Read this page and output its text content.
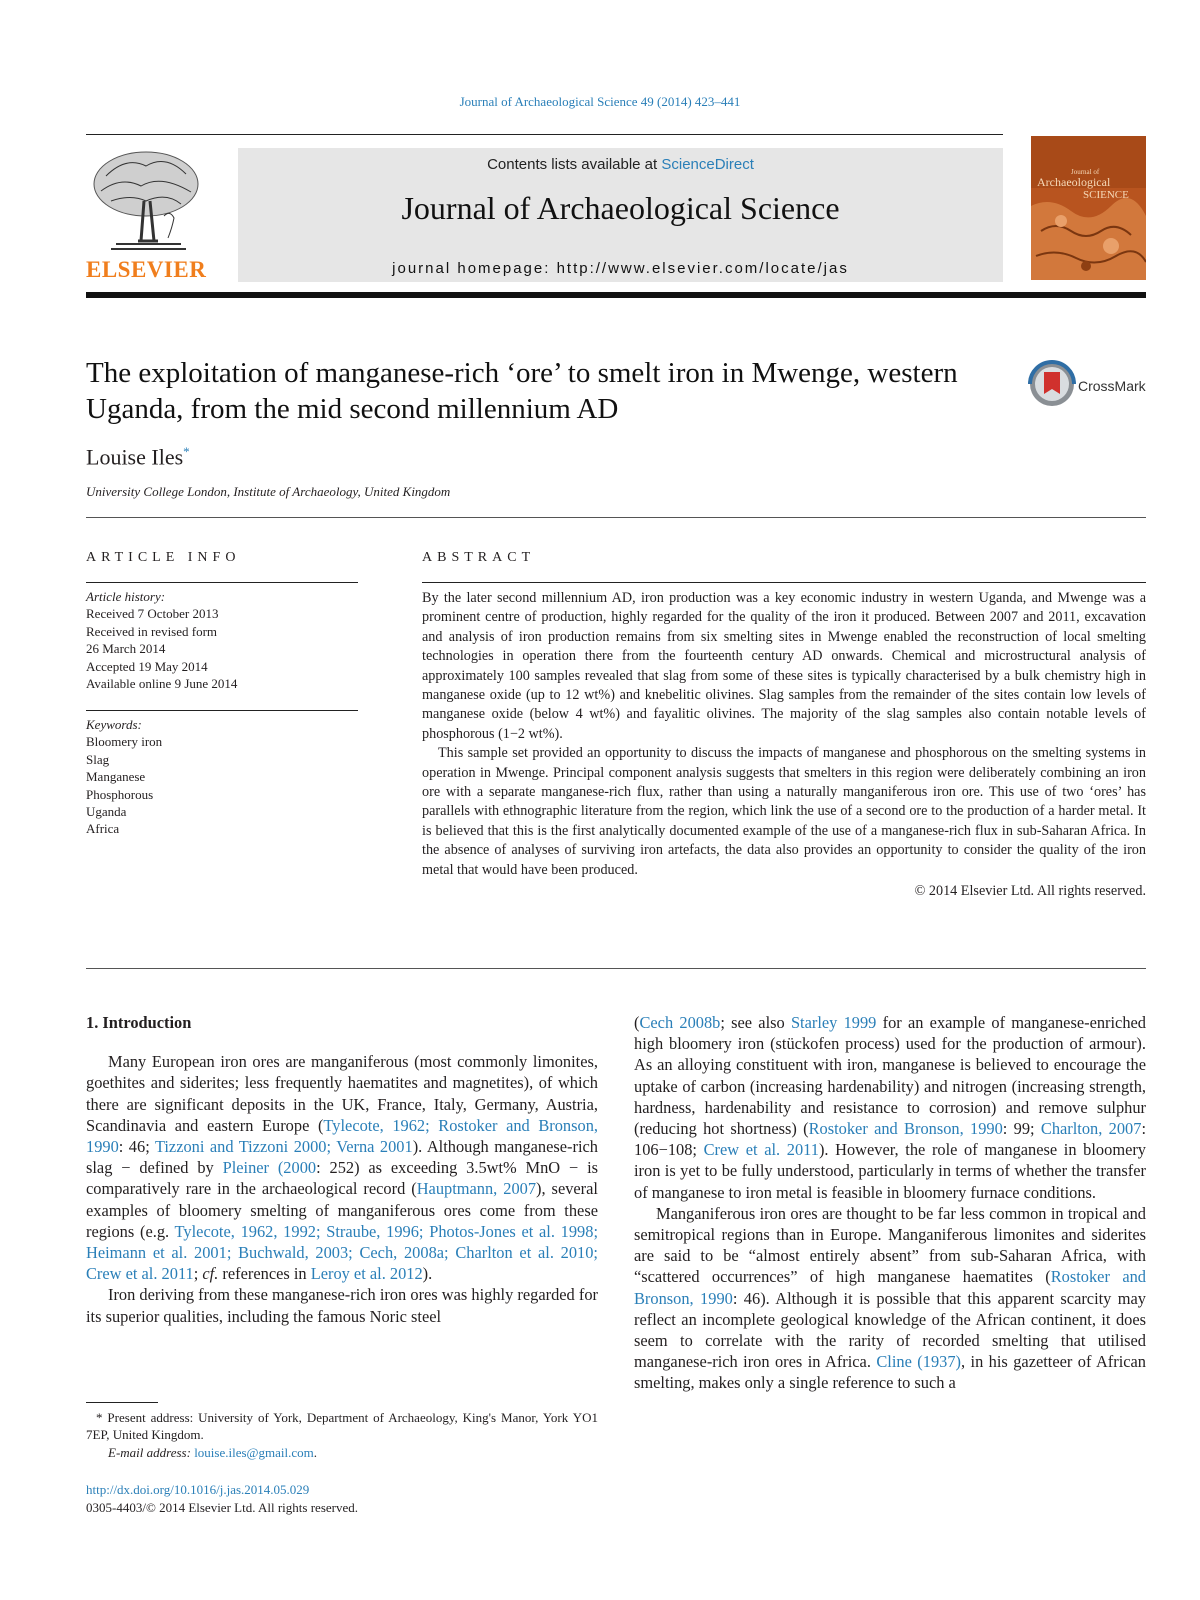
Journal of Archaeological Science 49 (2014) 423–441
ELSEVIER
Contents lists available at ScienceDirect
Journal of Archaeological Science
journal homepage: http://www.elsevier.com/locate/jas
Journal of
Archaeological
SCIENCE
The exploitation of manganese-rich ‘ore’ to smelt iron in Mwenge, western Uganda, from the mid second millennium AD
CrossMark
Louise Iles*
University College London, Institute of Archaeology, United Kingdom
ARTICLE INFO
Article history:
Received 7 October 2013
Received in revised form
26 March 2014
Accepted 19 May 2014
Available online 9 June 2014
Keywords:
Bloomery iron
Slag
Manganese
Phosphorous
Uganda
Africa
ABSTRACT

By the later second millennium AD, iron production was a key economic industry in western Uganda, and Mwenge was a prominent centre of production, highly regarded for the quality of the iron it produced. Between 2007 and 2011, excavation and analysis of iron production remains from six smelting sites in Mwenge enabled the reconstruction of local smelting technologies in operation there from the fourteenth century AD onwards. Chemical and microstructural analysis of approximately 100 samples revealed that slag from some of these sites is typically characterised by a bulk chemistry high in manganese oxide (up to 12 wt%) and knebelitic olivines. Slag samples from the remainder of the sites contain low levels of manganese oxide (below 4 wt%) and fayalitic olivines. The majority of the slag samples also contain notable levels of phosphorous (1−2 wt%).

This sample set provided an opportunity to discuss the impacts of manganese and phosphorous on the smelting systems in operation in Mwenge. Principal component analysis suggests that smelters in this region were deliberately combining an iron ore with a separate manganese-rich flux, rather than using a naturally manganiferous iron ore. This use of two ‘ores’ has parallels with ethnographic literature from the region, which link the use of a second ore to the production of a harder metal. It is believed that this is the first analytically documented example of the use of a manganese-rich flux in sub-Saharan Africa. In the absence of analyses of surviving iron artefacts, the data also provides an opportunity to consider the quality of the iron metal that would have been produced.

© 2014 Elsevier Ltd. All rights reserved.
1. Introduction

Many European iron ores are manganiferous (most commonly limonites, goethites and siderites; less frequently haematites and magnetites), of which there are significant deposits in the UK, France, Italy, Germany, Austria, Scandinavia and eastern Europe (Tylecote, 1962; Rostoker and Bronson, 1990: 46; Tizzoni and Tizzoni 2000; Verna 2001). Although manganese-rich slag − defined by Pleiner (2000: 252) as exceeding 3.5wt% MnO − is comparatively rare in the archaeological record (Hauptmann, 2007), several examples of bloomery smelting of manganiferous ores come from these regions (e.g. Tylecote, 1962, 1992; Straube, 1996; Photos-Jones et al. 1998; Heimann et al. 2001; Buchwald, 2003; Cech, 2008a; Charlton et al. 2010; Crew et al. 2011; cf. references in Leroy et al. 2012).

Iron deriving from these manganese-rich iron ores was highly regarded for its superior qualities, including the famous Noric steel

(Cech 2008b; see also Starley 1999 for an example of manganese-enriched high bloomery iron (stückofen process) used for the production of armour). As an alloying constituent with iron, manganese is believed to encourage the uptake of carbon (increasing hardenability) and nitrogen (increasing strength, hardness, hardenability and resistance to corrosion) and remove sulphur (reducing hot shortness) (Rostoker and Bronson, 1990: 99; Charlton, 2007: 106−108; Crew et al. 2011). However, the role of manganese in bloomery iron is yet to be fully understood, particularly in terms of whether the transfer of manganese to iron metal is feasible in bloomery furnace conditions.

Manganiferous iron ores are thought to be far less common in tropical and semitropical regions than in Europe. Manganiferous limonites and siderites are said to be “almost entirely absent” from sub-Saharan Africa, with “scattered occurrences” of high manganese haematites (Rostoker and Bronson, 1990: 46). Although it is possible that this apparent scarcity may reflect an incomplete geological knowledge of the African continent, it does seem to correlate with the rarity of recorded smelting that utilised manganese-rich iron ores in Africa. Cline (1937), in his gazetteer of African smelting, makes only a single reference to such a

* Present address: University of York, Department of Archaeology, King's Manor, York YO1 7EP, United Kingdom.
E-mail address: louise.iles@gmail.com.
http://dx.doi.org/10.1016/j.jas.2014.05.029
0305-4403/© 2014 Elsevier Ltd. All rights reserved.
